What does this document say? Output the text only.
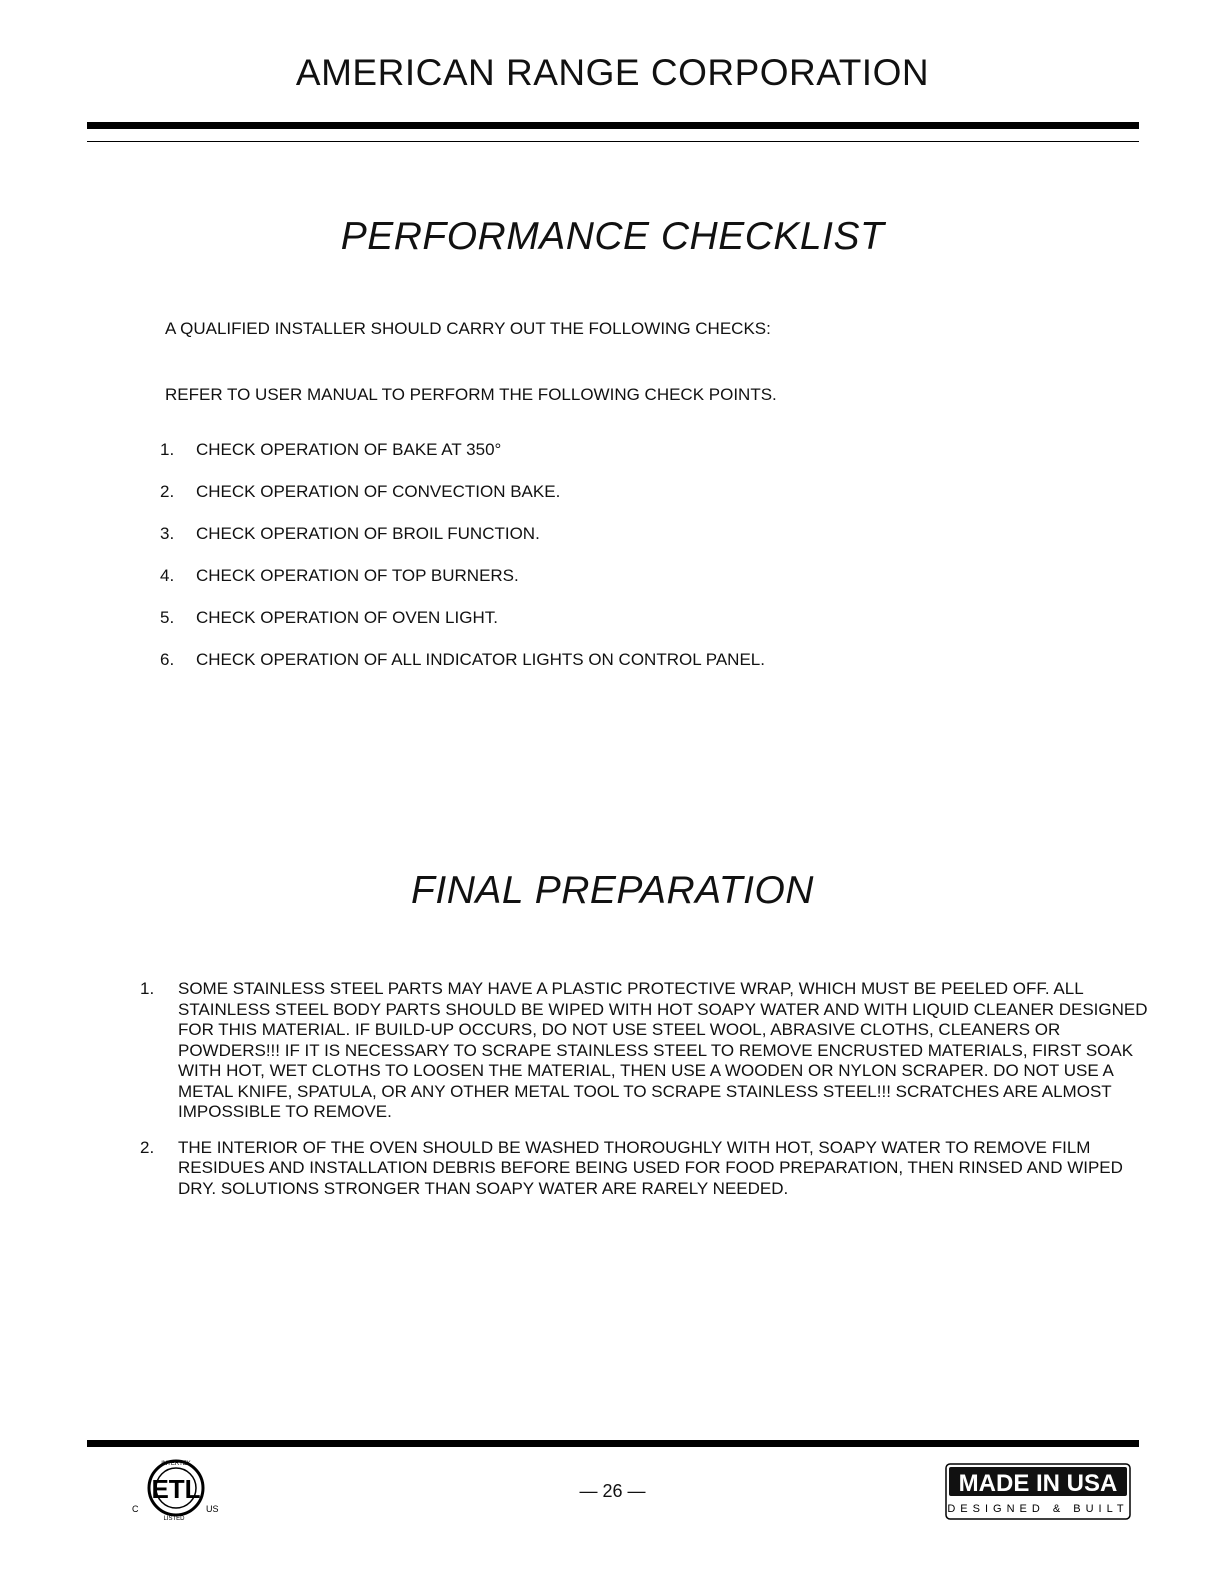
AMERICAN RANGE CORPORATION
PERFORMANCE CHECKLIST
A QUALIFIED INSTALLER SHOULD CARRY OUT THE FOLLOWING CHECKS:
REFER TO USER MANUAL TO PERFORM THE FOLLOWING CHECK POINTS.
1.	CHECK OPERATION OF BAKE AT 350°
2.	CHECK OPERATION OF CONVECTION BAKE.
3.	CHECK OPERATION OF BROIL FUNCTION.
4.	CHECK OPERATION OF TOP BURNERS.
5.	CHECK OPERATION OF OVEN LIGHT.
6.	CHECK OPERATION OF ALL INDICATOR LIGHTS ON CONTROL PANEL.
FINAL PREPARATION
1.	SOME STAINLESS STEEL PARTS MAY HAVE A PLASTIC PROTECTIVE WRAP, WHICH MUST BE PEELED OFF. ALL STAINLESS STEEL BODY PARTS SHOULD BE WIPED WITH HOT SOAPY WATER AND WITH LIQUID CLEANER DESIGNED FOR THIS MATERIAL. IF BUILD-UP OCCURS, DO NOT USE STEEL WOOL, ABRASIVE CLOTHS, CLEANERS OR POWDERS!!! IF IT IS NECESSARY TO SCRAPE STAINLESS STEEL TO REMOVE ENCRUSTED MATERIALS, FIRST SOAK WITH HOT, WET CLOTHS TO LOOSEN THE MATERIAL, THEN USE A WOODEN OR NYLON SCRAPER. DO NOT USE A METAL KNIFE, SPATULA, OR ANY OTHER METAL TOOL TO SCRAPE STAINLESS STEEL!!! SCRATCHES ARE ALMOST IMPOSSIBLE TO REMOVE.
2.	THE INTERIOR OF THE OVEN SHOULD BE WASHED THOROUGHLY WITH HOT, SOAPY WATER TO REMOVE FILM RESIDUES AND INSTALLATION DEBRIS BEFORE BEING USED FOR FOOD PREPARATION, THEN RINSED AND WIPED DRY. SOLUTIONS STRONGER THAN SOAPY WATER ARE RARELY NEEDED.
ETL
INTERTEK
LISTED
C	US
— 26 —	MADE IN USA
DESIGNED & BUILT
